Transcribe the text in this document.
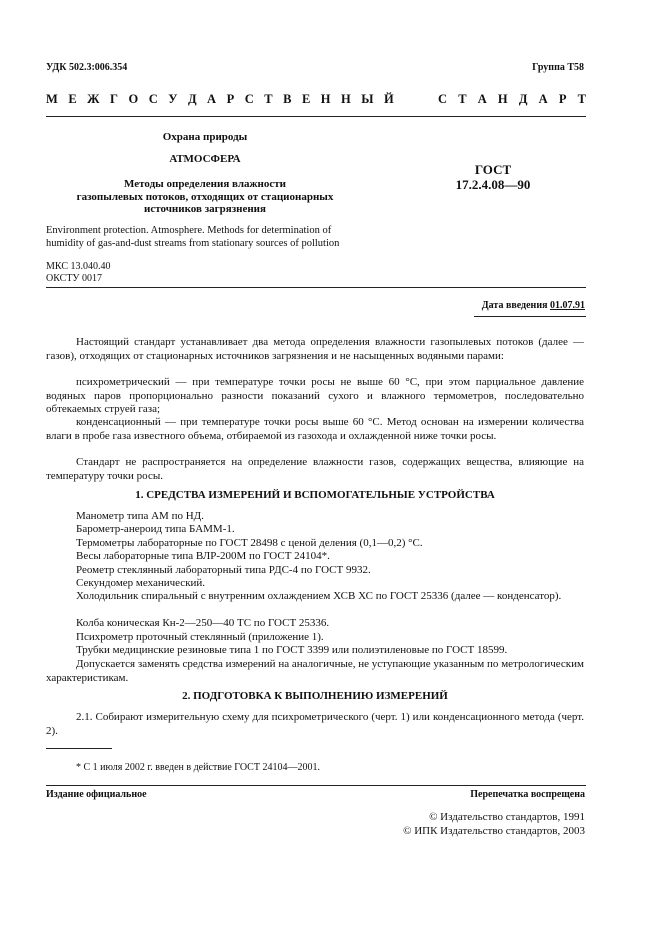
УДК 502.3:006.354	Группа Т58
М Е Ж Г О С У Д А Р С Т В Е Н Н Ы Й	С Т А Н Д А Р Т
Охрана природы
АТМОСФЕРА
Методы определения влажности
газопылевых потоков, отходящих от стационарных
источников загрязнения
ГОСТ
17.2.4.08—90
Environment protection. Atmosphere. Methods for determination of
humidity of gas-and-dust streams from stationary sources of pollution
МКС 13.040.40
ОКСТУ 0017
Дата введения 01.07.91
Настоящий стандарт устанавливает два метода определения влажности газопылевых потоков (далее — газов), отходящих от стационарных источников загрязнения и не насыщенных водяными парами:
психрометрический — при температуре точки росы не выше 60 °С, при этом парциальное давление водяных паров пропорционально разности показаний сухого и влажного термометров, последовательно обтекаемых струей газа;
конденсационный — при температуре точки росы выше 60 °С. Метод основан на измерении количества влаги в пробе газа известного объема, отбираемой из газохода и охлажденной ниже точки росы.
Стандарт не распространяется на определение влажности газов, содержащих вещества, влияющие на температуру точки росы.
1. СРЕДСТВА ИЗМЕРЕНИЙ И ВСПОМОГАТЕЛЬНЫЕ УСТРОЙСТВА
Манометр типа АМ по НД.
Барометр-анероид типа БАММ-1.
Термометры лабораторные по ГОСТ 28498 с ценой деления (0,1—0,2) °С.
Весы лабораторные типа ВЛР-200М по ГОСТ 24104*.
Реометр стеклянный лабораторный типа РДС-4 по ГОСТ 9932.
Секундомер механический.
Холодильник спиральный с внутренним охлаждением ХСВ ХС по ГОСТ 25336 (далее — конденсатор).
Колба коническая Кн-2—250—40 ТС по ГОСТ 25336.
Психрометр проточный стеклянный (приложение 1).
Трубки медицинские резиновые типа 1 по ГОСТ 3399 или полиэтиленовые по ГОСТ 18599.
Допускается заменять средства измерений на аналогичные, не уступающие указанным по метрологическим характеристикам.
2. ПОДГОТОВКА К ВЫПОЛНЕНИЮ ИЗМЕРЕНИЙ
2.1. Собирают измерительную схему для психрометрического (черт. 1) или конденсационного метода (черт. 2).
* С 1 июля 2002 г. введен в действие ГОСТ 24104—2001.
Издание официальное	Перепечатка воспрещена
© Издательство стандартов, 1991
© ИПК Издательство стандартов, 2003
